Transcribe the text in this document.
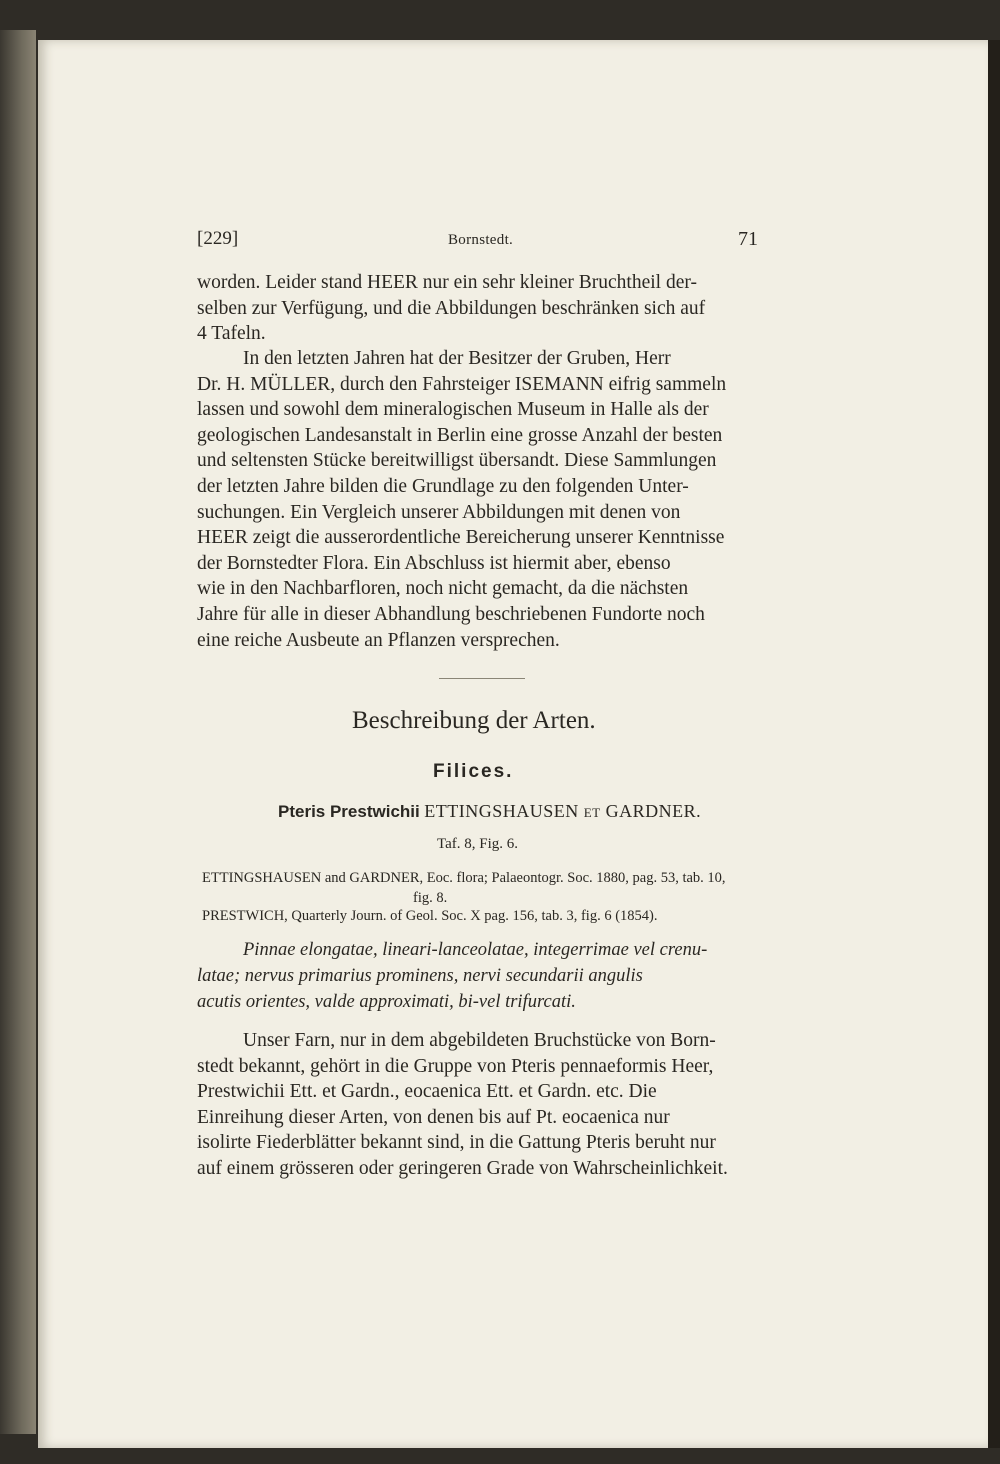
[229]	Bornstedt.	71
worden. Leider stand HEER nur ein sehr kleiner Bruchtheil der-
selben zur Verfügung, und die Abbildungen beschränken sich auf
4 Tafeln.
In den letzten Jahren hat der Besitzer der Gruben, Herr
Dr. H. MÜLLER, durch den Fahrsteiger ISEMANN eifrig sammeln
lassen und sowohl dem mineralogischen Museum in Halle als der
geologischen Landesanstalt in Berlin eine grosse Anzahl der besten
und seltensten Stücke bereitwilligst übersandt. Diese Sammlungen
der letzten Jahre bilden die Grundlage zu den folgenden Unter-
suchungen. Ein Vergleich unserer Abbildungen mit denen von
HEER zeigt die ausserordentliche Bereicherung unserer Kenntnisse
der Bornstedter Flora. Ein Abschluss ist hiermit aber, ebenso
wie in den Nachbarfloren, noch nicht gemacht, da die nächsten
Jahre für alle in dieser Abhandlung beschriebenen Fundorte noch
eine reiche Ausbeute an Pflanzen versprechen.
Beschreibung der Arten.
Filices.
Pteris Prestwichii ETTINGSHAUSEN et GARDNER.
Taf. 8, Fig. 6.
ETTINGSHAUSEN and GARDNER, Eoc. flora; Palaeontogr. Soc. 1880, pag. 53, tab. 10,
fig. 8.
PRESTWICH, Quarterly Journ. of Geol. Soc. X pag. 156, tab. 3, fig. 6 (1854).
Pinnae elongatae, lineari-lanceolatae, integerrimae vel crenu-
latae; nervus primarius prominens, nervi secundarii angulis
acutis orientes, valde approximati, bi-vel trifurcati.
Unser Farn, nur in dem abgebildeten Bruchstücke von Born-
stedt bekannt, gehört in die Gruppe von Pteris pennaeformis Heer,
Prestwichii Ett. et Gardn., eocaenica Ett. et Gardn. etc. Die
Einreihung dieser Arten, von denen bis auf Pt. eocaenica nur
isolirte Fiederblätter bekannt sind, in die Gattung Pteris beruht nur
auf einem grösseren oder geringeren Grade von Wahrscheinlichkeit.
